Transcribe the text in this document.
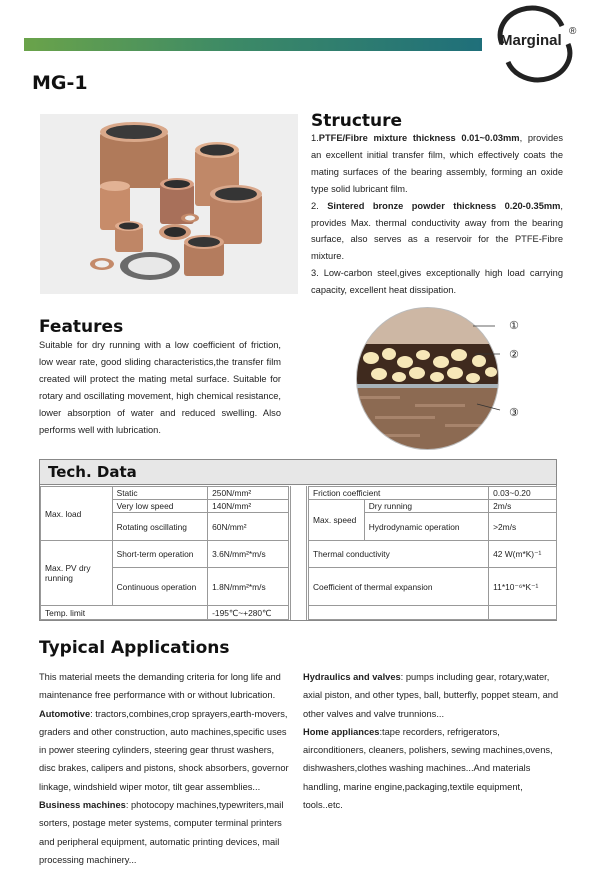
Marginal
®
MG-1
Structure
1.PTFE/Fibre mixture thickness 0.01~0.03mm, provides an excellent initial transfer film, which effectively coats the mating surfaces of the bearing assembly, forming an oxide type solid lubricant film.
2. Sintered bronze powder thickness 0.20-0.35mm, provides Max. thermal conductivity away from the bearing surface, also serves as a reservoir for the PTFE-Fibre mixture.
3. Low-carbon steel,gives exceptionally high load carrying capacity, excellent heat dissipation.
Features
Suitable for dry running with a low coefficient of friction, low wear rate, good sliding characteristics,the transfer film created will protect the mating metal surface. Suitable for rotary and oscillating movement, high chemical resistance, lower absorption of water and reduced swelling. Also performs well with lubrication.
①
②
③
Tech. Data
Max. load	Static	250N/mm²
	Very low speed	140N/mm²
	Rotating oscillating	60N/mm²
Max. PV dry running	Short-term operation	3.6N/mm²*m/s
	Continuous operation	1.8N/mm²*m/s
Temp. limit		-195℃~+280℃
Friction coefficient		0.03~0.20
Max. speed	Dry running	2m/s
	Hydrodynamic operation	>2m/s
Thermal conductivity		42 W(m*K)⁻¹
Coefficient of thermal expansion		11*10⁻⁶*K⁻¹

Typical Applications
This material meets the demanding criteria for long life and maintenance free performance with or without lubrication.
Automotive: tractors,combines,crop sprayers,earth-movers, graders and other construction, auto machines,specific uses in power steering cylinders, steering gear thrust washers, disc brakes, calipers and pistons, shock absorbers, governor linkage, windshield wiper motor, tilt gear assemblies...
Business machines: photocopy machines,typewriters,mail sorters, postage meter systems, computer terminal printers and peripheral equipment, automatic printing devices, mail processing machinery...
Hydraulics and valves: pumps including gear, rotary,water, axial piston, and other types, ball, butterfly, poppet steam, and other valves and valve trunnions...
Home appliances:tape recorders, refrigerators, airconditioners, cleaners, polishers, sewing machines,ovens, dishwashers,clothes washing machines...And materials handling, marine engine,packaging,textile equipment, tools..etc.
